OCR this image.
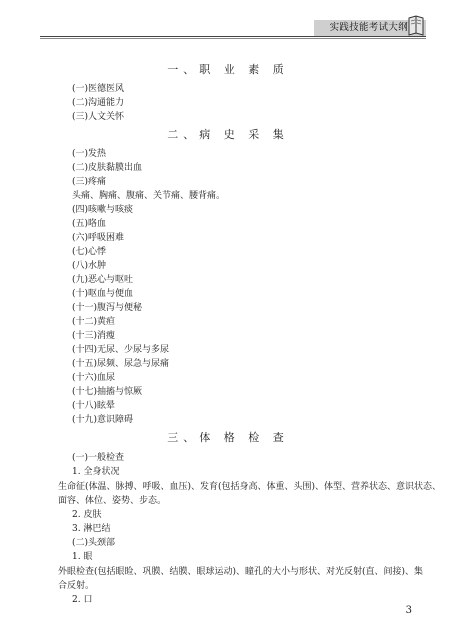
实践技能考试大纲
一、职 业 素 质
(一)医德医风
(二)沟通能力
(三)人文关怀
二、病 史 采 集
(一)发热
(二)皮肤黏膜出血
(三)疼痛
头痛、胸痛、腹痛、关节痛、腰背痛。
(四)咳嗽与咳痰
(五)咯血
(六)呼吸困难
(七)心悸
(八)水肿
(九)恶心与呕吐
(十)呕血与便血
(十一)腹泻与便秘
(十二)黄疸
(十三)消瘦
(十四)无尿、少尿与多尿
(十五)尿频、尿急与尿痛
(十六)血尿
(十七)抽搐与惊厥
(十八)眩晕
(十九)意识障碍
三、体 格 检 查
(一)一般检查
1. 全身状况
生命征(体温、脉搏、呼吸、血压)、发育(包括身高、体重、头围)、体型、营养状态、意识状态、
面容、体位、姿势、步态。
2. 皮肤
3. 淋巴结
(二)头颈部
1. 眼
外眼检查(包括眼睑、巩膜、结膜、眼球运动)、瞳孔的大小与形状、对光反射(直、间接)、集
合反射。
2. 口
3
